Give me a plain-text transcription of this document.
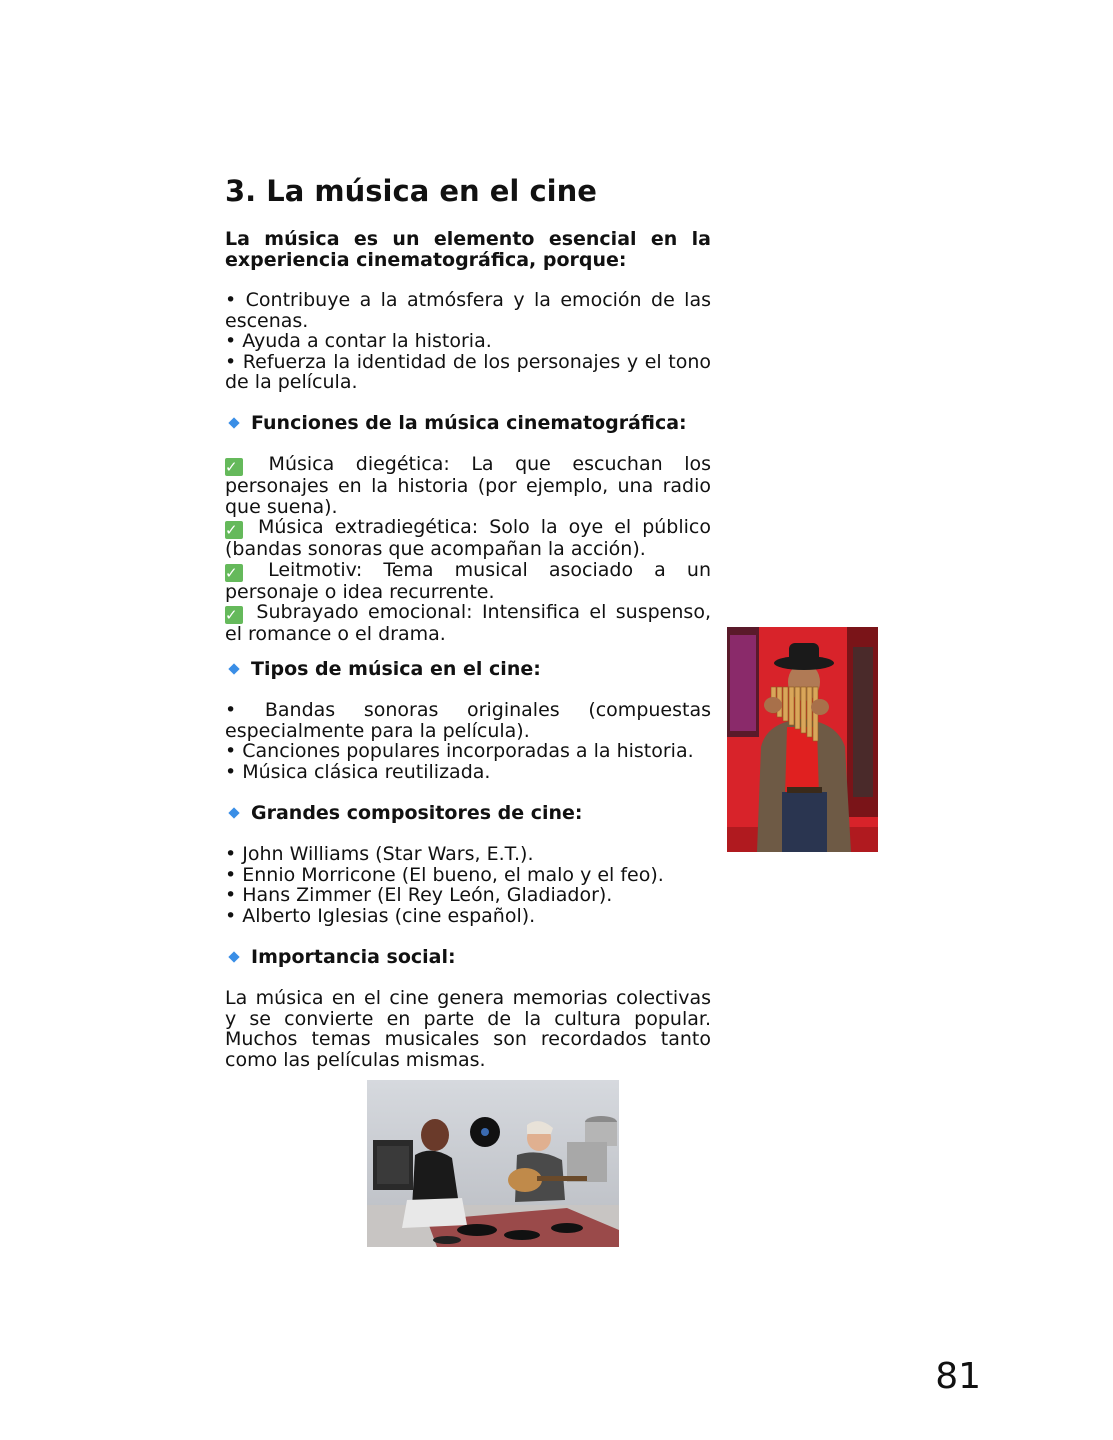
3. La música en el cine
La música es un elemento esencial en la experiencia cinematográfica, porque:

• Contribuye a la atmósfera y la emoción de las escenas.

• Ayuda a contar la historia.

• Refuerza la identidad de los personajes y el tono de la película.

Funciones de la música cinematográfica:

✓ Música diegética: La que escuchan los personajes en la historia (por ejemplo, una radio que suena).

✓ Música extradiegética: Solo la oye el público (bandas sonoras que acompañan la acción).

✓ Leitmotiv: Tema musical asociado a un personaje o idea recurrente.

✓ Subrayado emocional: Intensifica el suspenso, el romance o el drama.

Tipos de música en el cine:

• Bandas sonoras originales (compuestas especialmente para la película).

• Canciones populares incorporadas a la historia.

• Música clásica reutilizada.

Grandes compositores de cine:

• John Williams (Star Wars, E.T.).

• Ennio Morricone (El bueno, el malo y el feo).

• Hans Zimmer (El Rey León, Gladiador).

• Alberto Iglesias (cine español).

Importancia social:
La música en el cine genera memorias colectivas y se convierte en parte de la cultura popular. Muchos temas musicales son recordados tanto como las películas mismas.
81
